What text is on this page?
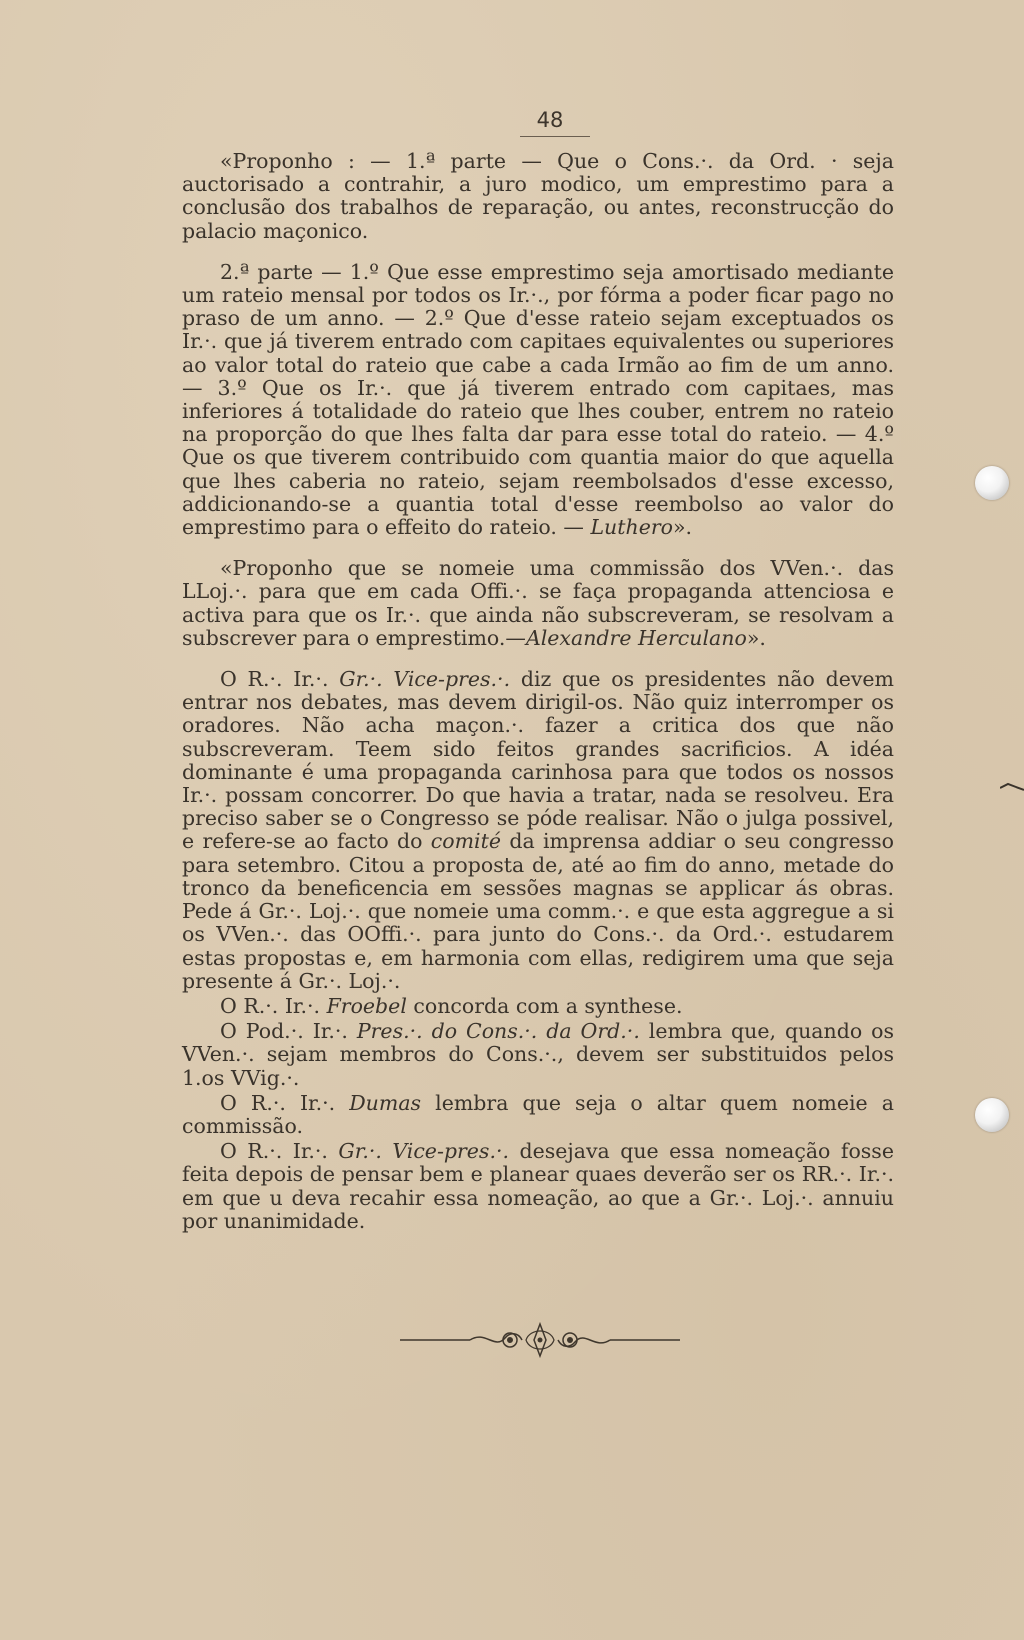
48

«Proponho : — 1.ª parte — Que o Cons.·. da Ord. · seja auctorisado a contrahir, a juro modico, um emprestimo para a conclusão dos trabalhos de reparação, ou antes, reconstrucção do palacio maçonico.

2.ª parte — 1.º Que esse emprestimo seja amortisado mediante um rateio mensal por todos os Ir.·., por fórma a poder ficar pago no praso de um anno. — 2.º Que d'esse rateio sejam exceptuados os Ir.·. que já tiverem entrado com capitaes equivalentes ou superiores ao valor total do rateio que cabe a cada Irmão ao fim de um anno. — 3.º Que os Ir.·. que já tiverem entrado com capitaes, mas inferiores á totalidade do rateio que lhes couber, entrem no rateio na proporção do que lhes falta dar para esse total do rateio. — 4.º Que os que tiverem contribuido com quantia maior do que aquella que lhes caberia no rateio, sejam reembolsados d'esse excesso, addicionando-se a quantia total d'esse reembolso ao valor do emprestimo para o effeito do rateio. — Luthero».

«Proponho que se nomeie uma commissão dos VVen.·. das LLoj.·. para que em cada Offi.·. se faça propaganda attenciosa e activa para que os Ir.·. que ainda não subscreveram, se resolvam a subscrever para o emprestimo.—Alexandre Herculano».

O R.·. Ir.·. Gr.·. Vice-pres.·. diz que os presidentes não devem entrar nos debates, mas devem dirigil-os. Não quiz interromper os oradores. Não acha maçon.·. fazer a critica dos que não subscreveram. Teem sido feitos grandes sacrificios. A idéa dominante é uma propaganda carinhosa para que todos os nossos Ir.·. possam concorrer. Do que havia a tratar, nada se resolveu. Era preciso saber se o Congresso se póde realisar. Não o julga possivel, e refere-se ao facto do comité da imprensa addiar o seu congresso para setembro. Citou a proposta de, até ao fim do anno, metade do tronco da beneficencia em sessões magnas se applicar ás obras. Pede á Gr.·. Loj.·. que nomeie uma comm.·. e que esta aggregue a si os VVen.·. das OOffi.·. para junto do Cons.·. da Ord.·. estudarem estas propostas e, em harmonia com ellas, redigirem uma que seja presente á Gr.·. Loj.·.

O R.·. Ir.·. Froebel concorda com a synthese.

O Pod.·. Ir.·. Pres.·. do Cons.·. da Ord.·. lembra que, quando os VVen.·. sejam membros do Cons.·., devem ser substituidos pelos 1.os VVig.·.

O R.·. Ir.·. Dumas lembra que seja o altar quem nomeie a commissão.

O R.·. Ir.·. Gr.·. Vice-pres.·. desejava que essa nomeação fosse feita depois de pensar bem e planear quaes deverão ser os RR.·. Ir.·. em que u deva recahir essa nomeação, ao que a Gr.·. Loj.·. annuiu por unanimidade.
